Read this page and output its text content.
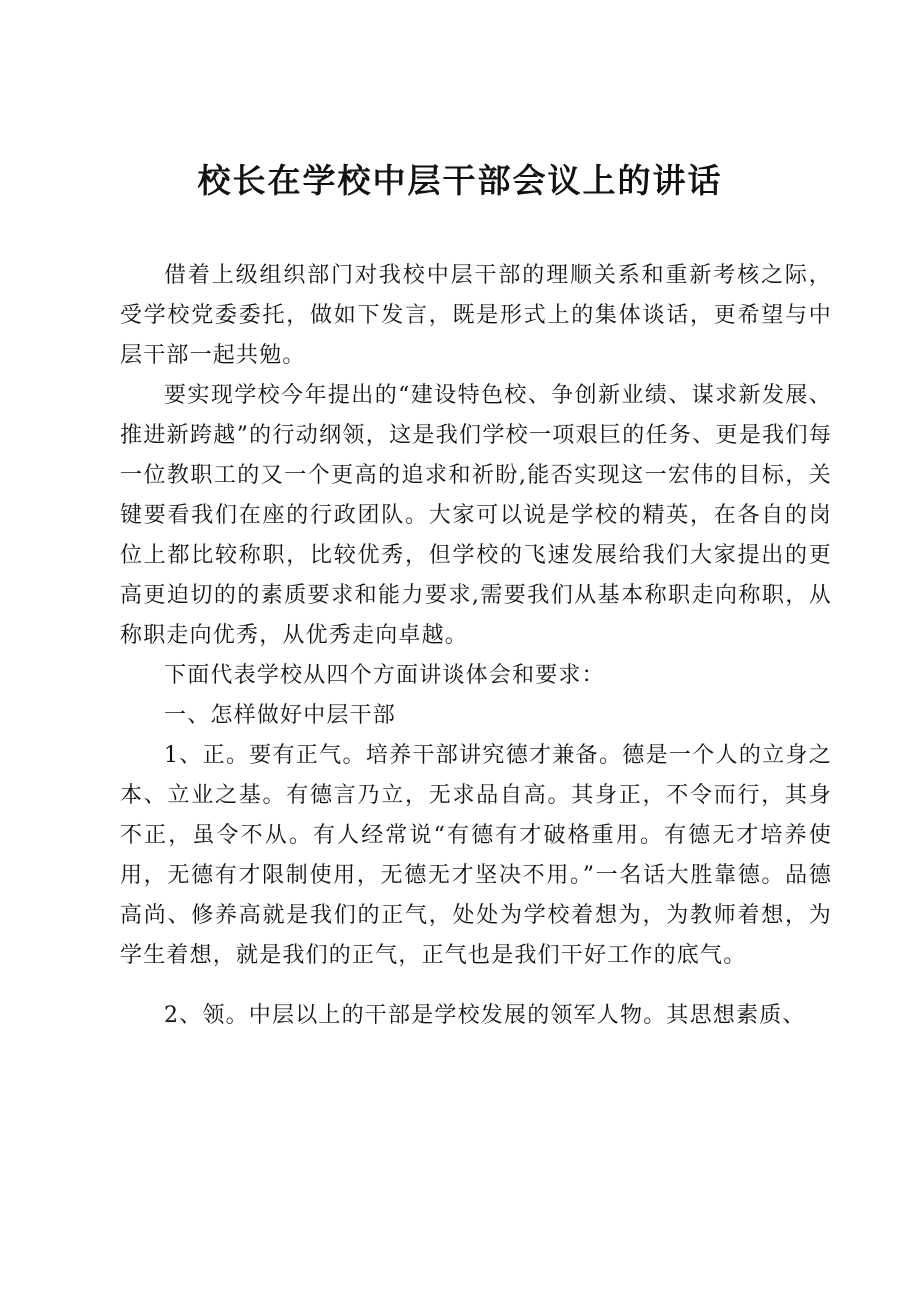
校长在学校中层干部会议上的讲话

借着上级组织部门对我校中层干部的理顺关系和重新考核之际，受学校党委委托，做如下发言，既是形式上的集体谈话，更希望与中层干部一起共勉。

要实现学校今年提出的“建设特色校、争创新业绩、谋求新发展、推进新跨越”的行动纲领，这是我们学校一项艰巨的任务、更是我们每一位教职工的又一个更高的追求和祈盼,能否实现这一宏伟的目标，关键要看我们在座的行政团队。大家可以说是学校的精英，在各自的岗位上都比较称职，比较优秀，但学校的飞速发展给我们大家提出的更高更迫切的的素质要求和能力要求,需要我们从基本称职走向称职，从称职走向优秀，从优秀走向卓越。

下面代表学校从四个方面讲谈体会和要求：

一、怎样做好中层干部

1、正。要有正气。培养干部讲究德才兼备。德是一个人的立身之本、立业之基。有德言乃立，无求品自高。其身正，不令而行，其身不正，虽令不从。有人经常说“有德有才破格重用。有德无才培养使用，无德有才限制使用，无德无才坚决不用。”一名话大胜靠德。品德高尚、修养高就是我们的正气，处处为学校着想为，为教师着想，为学生着想，就是我们的正气，正气也是我们干好工作的底气。

2、领。中层以上的干部是学校发展的领军人物。其思想素质、
